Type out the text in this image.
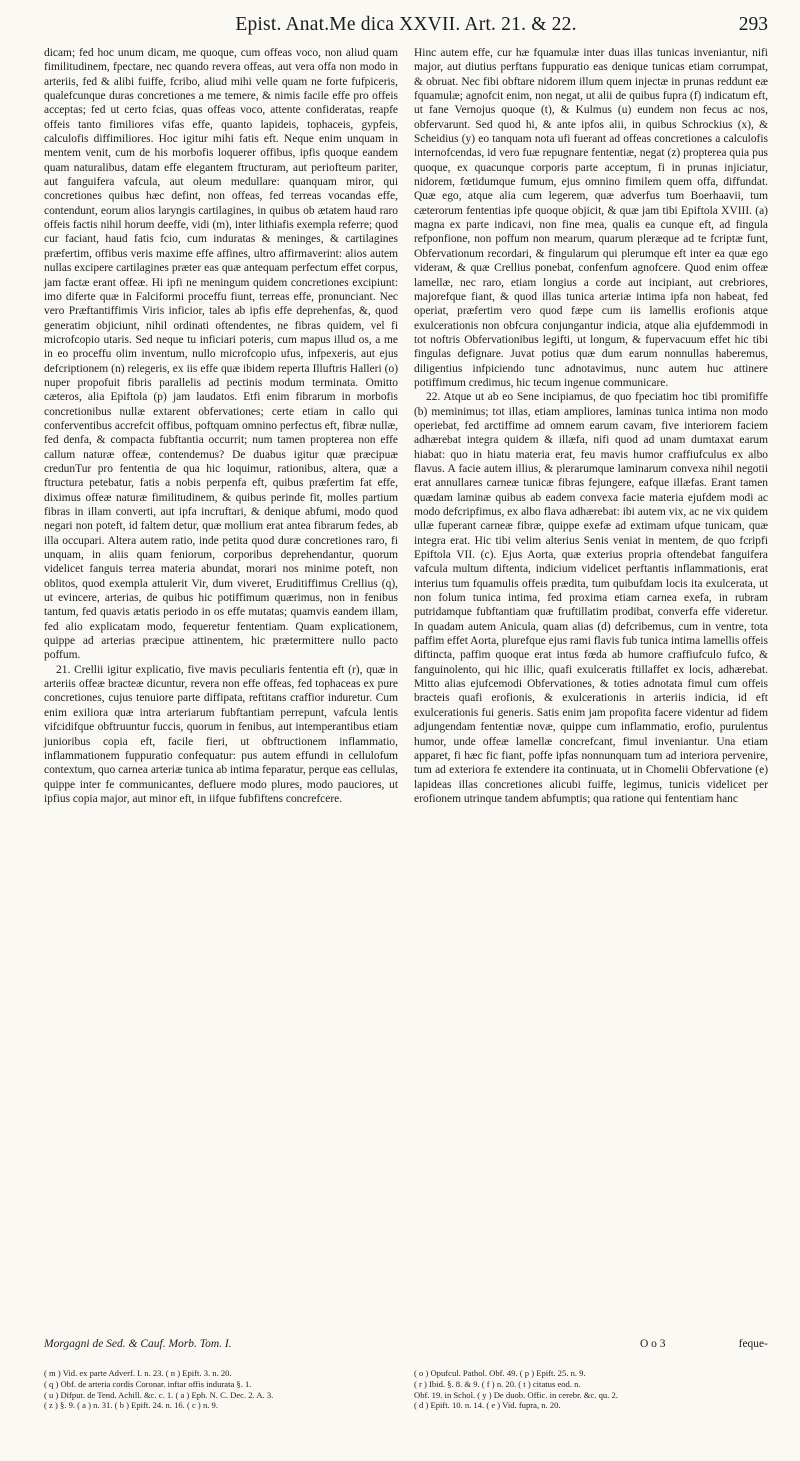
Epist. Anat.Me dica XXVII. Art. 21. & 22.	293

dicam; fed hoc unum dicam, me quoque, cum offeas voco, non aliud quam fimilitudinem, fpectare, nec quando revera offeas, aut vera offa non modo in arteriis, fed & alibi fuiffe, fcribo, aliud mihi velle quam ne forte fufpiceris, qualefcunque duras concretiones a me temere, & nimis facile effe pro offeis acceptas; fed ut certo fcias, quas offeas voco, attente confideratas, reapfe offeis tanto fimiliores vifas effe, quanto lapideis, tophaceis, gypfeis, calculofis diffimiliores. Hoc igitur mihi fatis eft. Neque enim unquam in mentem venit, cum de his morbofis loquerer offibus, ipfis quoque eandem quam naturalibus, datam effe elegantem ftructuram, aut periofteum pariter, aut fanguifera vafcula, aut oleum medullare: quanquam miror, qui concretiones quibus hæc defint, non offeas, fed terreas vocandas effe, contendunt, eorum alios laryngis cartilagines, in quibus ob ætatem haud raro offeis factis nihil horum deeffe, vidi (m), inter lithiafis exempla referre; quod cur faciant, haud fatis fcio, cum induratas & meninges, & cartilagines præfertim, offibus veris maxime effe affines, ultro affirmaverint: alios autem nullas excipere cartilagines præter eas quæ antequam perfectum effet corpus, jam factæ erant offeæ. Hi ipfi ne meningum quidem concretiones excipiunt: imo diferte quæ in Falciformi proceffu fiunt, terreas effe, pronunciant. Nec vero Præftantiffimis Viris inficior, tales ab ipfis effe deprehenfas, &, quod generatim objiciunt, nihil ordinati oftendentes, ne fibras quidem, vel fi microfcopio utaris. Sed neque tu inficiari poteris, cum mapus illud os, a me in eo proceffu olim inventum, nullo microfcopio ufus, infpexeris, aut ejus defcriptionem (n) relegeris, ex iis effe quæ ibidem reperta Illuftris Halleri (o) nuper propofuit fibris parallelis ad pectinis modum terminata. Omitto cæteros, alia Epiftola (p) jam laudatos. Etfi enim fibrarum in morbofis concretionibus nullæ extarent obfervationes; certe etiam in callo qui conferventibus accrefcit offibus, poftquam omnino perfectus eft, fibræ nullæ, fed denfa, & compacta fubftantia occurrit; num tamen propterea non effe callum naturæ offeæ, contendemus? De duabus igitur quæ præcipuæ credunTur pro fententia de qua hic loquimur, rationibus, altera, quæ a ftructura petebatur, fatis a nobis perpenfa eft, quibus præfertim fat effe, diximus offeæ naturæ fimilitudinem, & quibus perinde fit, molles partium fibras in illam converti, aut ipfa incruftari, & denique abfumi, modo quod negari non poteft, id faltem detur, quæ mollium erat antea fibrarum fedes, ab illa occupari. Altera autem ratio, inde petita quod duræ concretiones raro, fi unquam, in aliis quam feniorum, corporibus deprehendantur, quorum videlicet fanguis terrea materia abundat, morari nos minime poteft, non oblitos, quod exempla attulerit Vir, dum viveret, Eruditiffimus Crellius (q), ut evincere, arterias, de quibus hic potiffimum quærimus, non in fenibus tantum, fed quavis ætatis periodo in os effe mutatas; quamvis eandem illam, fed alio explicatam modo, fequeretur fententiam. Quam explicationem, quippe ad arterias præcipue attinentem, hic prætermittere nullo pacto poffum.

21. Crellii igitur explicatio, five mavis peculiaris fententia eft (r), quæ in arteriis offeæ bracteæ dicuntur, revera non effe offeas, fed tophaceas ex pure concretiones, cujus tenuiore parte diffipata, reftitans craffior induretur. Cum enim exiliora quæ intra arteriarum fubftantiam perrepunt, vafcula lentis vifcidifque obftruuntur fuccis, quorum in fenibus, aut intemperantibus etiam junioribus copia eft, facile fieri, ut obftructionem inflammatio, inflammationem fuppuratio confequatur: pus autem effundi in cellulofum contextum, quo carnea arteriæ tunica ab intima feparatur, perque eas cellulas, quippe inter fe communicantes, defluere modo plures, modo pauciores, ut ipfius copia major, aut minor eft, in iifque fubfiftens concrefcere.

Hinc autem effe, cur hæ fquamulæ inter duas illas tunicas inveniantur, nifi major, aut diutius perftans fuppuratio eas denique tunicas etiam corrumpat, & obruat. Nec fibi obftare nidorem illum quem injectæ in prunas reddunt eæ fquamulæ; agnofcit enim, non negat, ut alii de quibus fupra (f) indicatum eft, ut fane Vernojus quoque (t), & Kulmus (u) eundem non fecus ac nos, obfervarunt. Sed quod hi, & ante ipfos alii, in quibus Schrockius (x), & Scheidius (y) eo tanquam nota ufi fuerant ad offeas concretiones a calculofis internofcendas, id vero fuæ repugnare fententiæ, negat (z) propterea quia pus quoque, ex quacunque corporis parte acceptum, fi in prunas injiciatur, nidorem, fœtidumque fumum, ejus omnino fimilem quem offa, diffundat. Quæ ego, atque alia cum legerem, quæ adverfus tum Boerhaavii, tum cæterorum fententias ipfe quoque objicit, & quæ jam tibi Epiftola XVIII. (a) magna ex parte indicavi, non fine mea, qualis ea cunque eft, ad fingula refponfione, non poffum non mearum, quarum pleræque ad te fcriptæ funt, Obfervationum recordari, & fingularum qui plerumque eft inter ea quæ ego viderам, & quæ Crellius ponebat, confenfum agnofcere. Quod enim offeæ lamellæ, nec raro, etiam longius a corde aut incipiant, aut crebriores, majorefque fiant, & quod illas tunica arteriæ intima ipfa non habeat, fed operiat, præfertim vero quod fæpe cum iis lamellis erofionis atque exulcerationis non obfcura conjungantur indicia, atque alia ejufdemmodi in tot noftris Obfervationibus legifti, ut longum, & fupervacuum effet hic tibi fingulas defignare. Juvat potius quæ dum earum nonnullas haberemus, diligentius infpiciendo tunc adnotavimus, nunc autem huc attinere potiffimum credimus, hic tecum ingenue communicare.

22. Atque ut ab eo Sene incipiamus, de quo fpeciatim hoc tibi promififfe (b) meminimus; tot illas, etiam ampliores, laminas tunica intima non modo operiebat, fed arctiffime ad omnem earum cavam, five interiorem faciem adhærebat integra quidem & illæfa, nifi quod ad unam dumtaxat earum hiabat: quo in hiatu materia erat, feu mavis humor craffiufculus ex albo flavus. A facie autem illius, & plerarumque laminarum convexa nihil negotii erat annullares carneæ tunicæ fibras fejungere, eafque illæfas. Erant tamen quædam laminæ quibus ab eadem convexa facie materia ejufdem modi ac modo defcripfimus, ex albo flava adhærebat: ibi autem vix, ac ne vix quidem ullæ fuperant carneæ fibræ, quippe exefæ ad extimam ufque tunicam, quæ integra erat. Hic tibi velim alterius Senis veniat in mentem, de quo fcripfi Epiftola VII. (c). Ejus Aorta, quæ exterius propria oftendebat fanguifera vafcula multum diftenta, indicium videlicet perftantis inflammationis, erat interius tum fquamulis offeis prædita, tum quibufdam locis ita exulcerata, ut non folum tunica intima, fed proxima etiam carnea exefa, in rubram putridamque fubftantiam quæ fruftillatim prodibat, converfa effe videretur. In quadam autem Anicula, quam alias (d) defcribemus, cum in ventre, tota paffim effet Aorta, plurefque ejus rami flavis fub tunica intima lamellis offeis diftincta, paffim quoque erat intus fœda ab humore craffiufculo fufco, & fanguinolento, qui hic illic, quafi exulceratis ftillaffet ex locis, adhærebat. Mitto alias ejufcemodi Obfervationes, & toties adnotata fimul cum offeis bracteis quafi erofionis, & exulcerationis in arteriis indicia, id eft exulcerationis fui generis. Satis enim jam propofita facere videntur ad fidem adjungendam fententiæ novæ, quippe cum inflammatio, erofio, purulentus humor, unde offeæ lamellæ concrefcant, fimul inveniantur. Una etiam apparet, fi hæc fic fiant, poffe ipfas nonnunquam tum ad interiora pervenire, tum ad exteriora fe extendere ita continuata, ut in Chomelii Obfervatione (e) lapideas illas concretiones alicubi fuiffe, legimus, tunicis videlicet per erofionem utrinque tandem abfumptis; qua ratione qui fententiam hanc

Morgagni de Sed. & Cauf. Morb. Tom. I.	O o 3	feque-
( m ) Vid. ex parte Adverf. I. n. 23. ( n ) Epift. 3. n. 20.
( q ) Obf. de arteria cordis Coronar. inftar offis indurata §. 1.
( u ) Difput. de Tend. Achill. &c. c. 1. ( a ) Eph. N. C. Dec. 2. A. 3.
( z ) §. 9. ( a ) n. 31. ( b ) Epift. 24. n. 16. ( c ) n. 9.
( o ) Opufcul. Pathol. Obf. 49. ( p ) Epift. 25. n. 9.
( r ) Ibid. §. 8. & 9. ( f ) n. 20. ( t ) citatus eod. n.
Obf. 19. in Schol. ( y ) De duob. Offic. in cerebr. &c. qu. 2.
( d ) Epift. 10. n. 14. ( e ) Vid. fupra, n. 20.
